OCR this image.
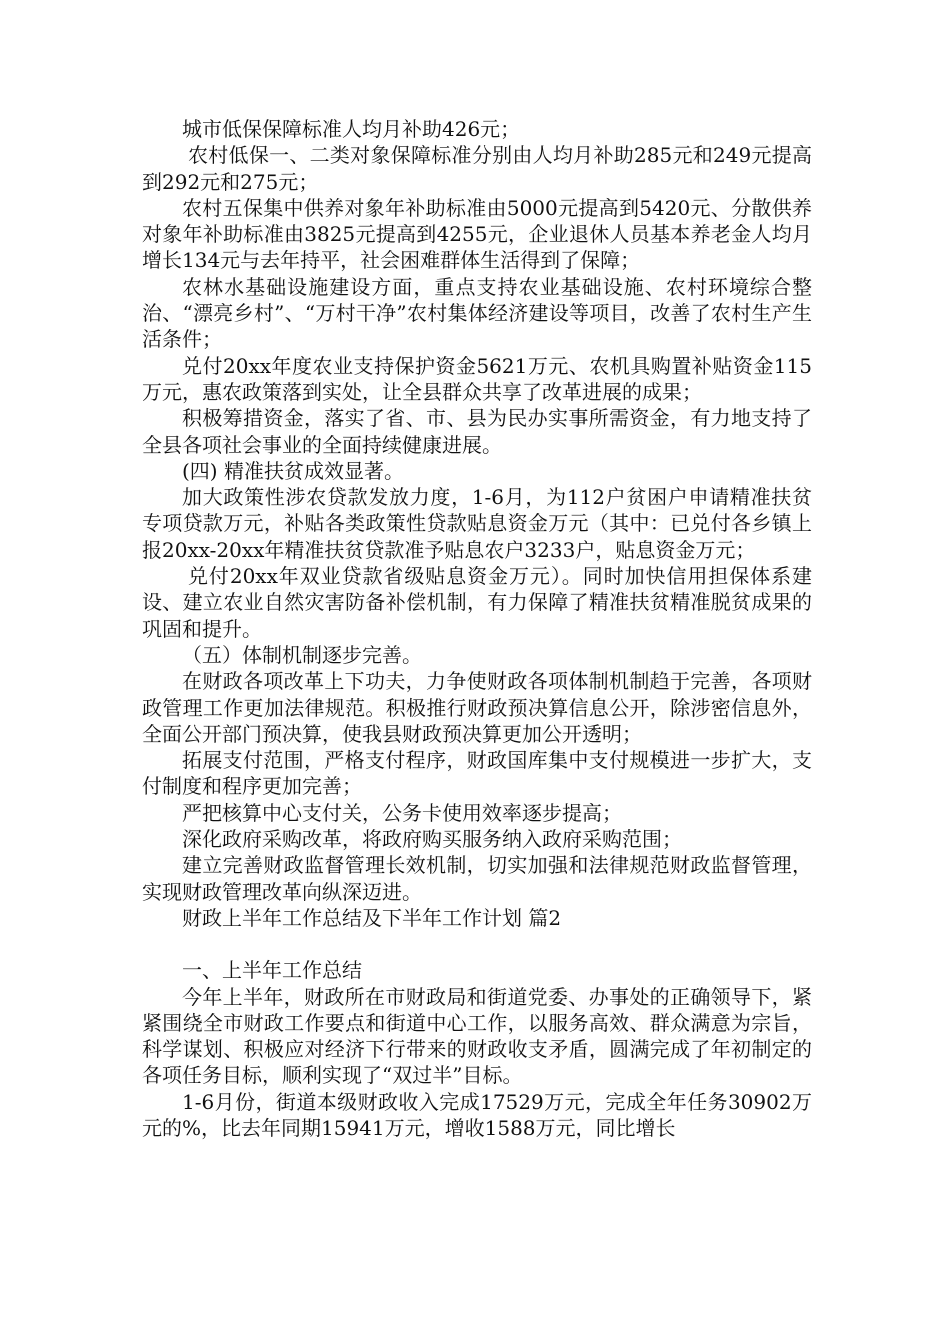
城市低保保障标准人均月补助426元；

农村低保一、二类对象保障标准分别由人均月补助285元和249元提高到292元和275元；

农村五保集中供养对象年补助标准由5000元提高到5420元、分散供养对象年补助标准由3825元提高到4255元，企业退休人员基本养老金人均月增长134元与去年持平，社会困难群体生活得到了保障；

农林水基础设施建设方面，重点支持农业基础设施、农村环境综合整治、“漂亮乡村”、“万村干净”农村集体经济建设等项目，改善了农村生产生活条件；

兑付20xx年度农业支持保护资金5621万元、农机具购置补贴资金115万元，惠农政策落到实处，让全县群众共享了改革进展的成果；

积极筹措资金，落实了省、市、县为民办实事所需资金，有力地支持了全县各项社会事业的全面持续健康进展。

(四) 精准扶贫成效显著。

加大政策性涉农贷款发放力度，1-6月，为112户贫困户申请精准扶贫专项贷款万元，补贴各类政策性贷款贴息资金万元（其中：已兑付各乡镇上报20xx-20xx年精准扶贫贷款准予贴息农户3233户，贴息资金万元；

兑付20xx年双业贷款省级贴息资金万元）。同时加快信用担保体系建设、建立农业自然灾害防备补偿机制，有力保障了精准扶贫精准脱贫成果的巩固和提升。

（五）体制机制逐步完善。

在财政各项改革上下功夫，力争使财政各项体制机制趋于完善，各项财政管理工作更加法律规范。积极推行财政预决算信息公开，除涉密信息外，全面公开部门预决算，使我县财政预决算更加公开透明；

拓展支付范围，严格支付程序，财政国库集中支付规模进一步扩大，支付制度和程序更加完善；

严把核算中心支付关，公务卡使用效率逐步提高；

深化政府采购改革，将政府购买服务纳入政府采购范围；

建立完善财政监督管理长效机制，切实加强和法律规范财政监督管理，实现财政管理改革向纵深迈进。

财政上半年工作总结及下半年工作计划 篇2

一、上半年工作总结

今年上半年，财政所在市财政局和街道党委、办事处的正确领导下，紧紧围绕全市财政工作要点和街道中心工作，以服务高效、群众满意为宗旨，科学谋划、积极应对经济下行带来的财政收支矛盾，圆满完成了年初制定的各项任务目标，顺利实现了“双过半”目标。

1-6月份，街道本级财政收入完成17529万元，完成全年任务30902万元的%，比去年同期15941万元，增收1588万元，同比增长
